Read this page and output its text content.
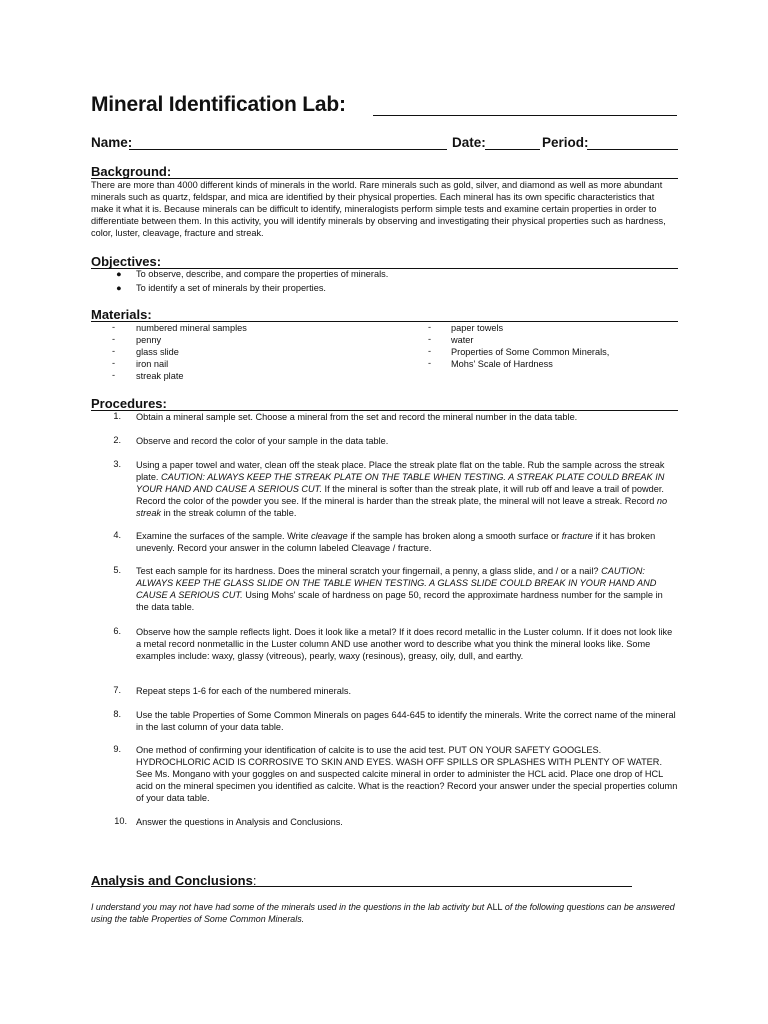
Mineral Identification Lab:
Name:	Date:	Period:
Background:
There are more than 4000 different kinds of minerals in the world. Rare minerals such as gold, silver, and diamond as well as more abundant minerals such as quartz, feldspar, and mica are identified by their physical properties. Each mineral has its own specific characteristics that make it what it is. Because minerals can be difficult to identify, mineralogists perform simple tests and examine certain properties in order to differentiate between them. In this activity, you will identify minerals by observing and investigating their physical properties such as hardness, color, luster, cleavage, fracture and streak.
Objectives:
● To observe, describe, and compare the properties of minerals.
● To identify a set of minerals by their properties.
Materials:
- numbered mineral samples
- penny
- glass slide
- iron nail
- streak plate
- paper towels
- water
- Properties of Some Common Minerals,
- Mohs' Scale of Hardness
Procedures:
1. Obtain a mineral sample set. Choose a mineral from the set and record the mineral number in the data table.
2. Observe and record the color of your sample in the data table.
3. Using a paper towel and water, clean off the steak place. Place the streak plate flat on the table. Rub the sample across the streak plate. CAUTION: ALWAYS KEEP THE STREAK PLATE ON THE TABLE WHEN TESTING. A STREAK PLATE COULD BREAK IN YOUR HAND AND CAUSE A SERIOUS CUT. If the mineral is softer than the streak plate, it will rub off and leave a trail of powder. Record the color of the powder you see. If the mineral is harder than the streak plate, the mineral will not leave a streak. Record no streak in the streak column of the table.
4. Examine the surfaces of the sample. Write cleavage if the sample has broken along a smooth surface or fracture if it has broken unevenly. Record your answer in the column labeled Cleavage / fracture.
5. Test each sample for its hardness. Does the mineral scratch your fingernail, a penny, a glass slide, and / or a nail? CAUTION: ALWAYS KEEP THE GLASS SLIDE ON THE TABLE WHEN TESTING. A GLASS SLIDE COULD BREAK IN YOUR HAND AND CAUSE A SERIOUS CUT. Using Mohs' scale of hardness on page 50, record the approximate hardness number for the sample in the data table.
6. Observe how the sample reflects light. Does it look like a metal? If it does record metallic in the Luster column. If it does not look like a metal record nonmetallic in the Luster column AND use another word to describe what you think the mineral looks like. Some examples include: waxy, glassy (vitreous), pearly, waxy (resinous), greasy, oily, dull, and earthy.
7. Repeat steps 1-6 for each of the numbered minerals.
8. Use the table Properties of Some Common Minerals on pages 644-645 to identify the minerals. Write the correct name of the mineral in the last column of your data table.
9. One method of confirming your identification of calcite is to use the acid test. PUT ON YOUR SAFETY GOOGLES. HYDROCHLORIC ACID IS CORROSIVE TO SKIN AND EYES. WASH OFF SPILLS OR SPLASHES WITH PLENTY OF WATER. See Ms. Mongano with your goggles on and suspected calcite mineral in order to administer the HCL acid. Place one drop of HCL acid on the mineral specimen you identified as calcite. What is the reaction? Record your answer under the special properties column of your data table.
10. Answer the questions in Analysis and Conclusions.
Analysis and Conclusions:
I understand you may not have had some of the minerals used in the questions in the lab activity but ALL of the following questions can be answered using the table Properties of Some Common Minerals.
